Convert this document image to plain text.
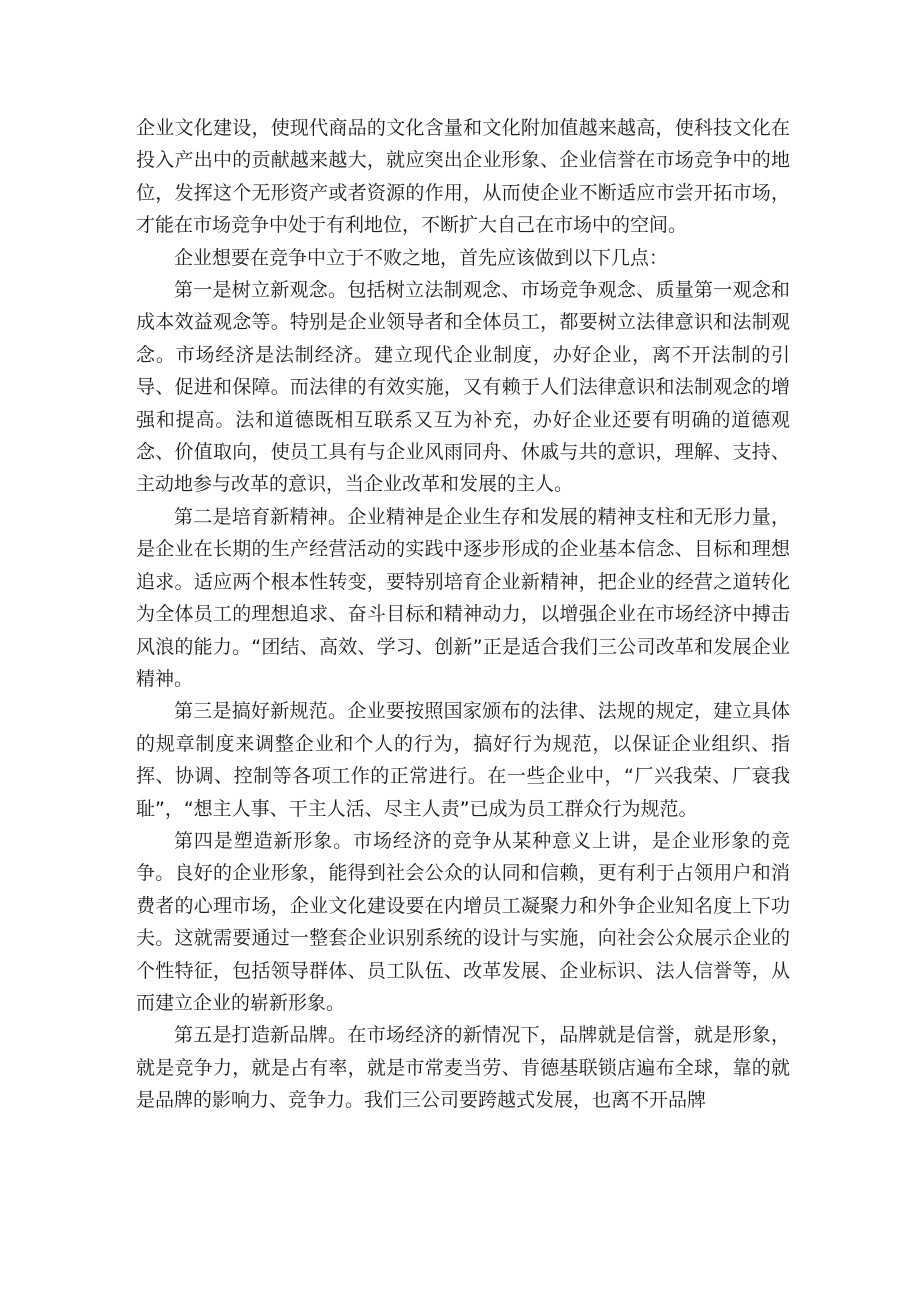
企业文化建设，使现代商品的文化含量和文化附加值越来越高，使科技文化在投入产出中的贡献越来越大，就应突出企业形象、企业信誉在市场竞争中的地位，发挥这个无形资产或者资源的作用，从而使企业不断适应市尝开拓市场，才能在市场竞争中处于有利地位，不断扩大自己在市场中的空间。

企业想要在竞争中立于不败之地，首先应该做到以下几点：

第一是树立新观念。包括树立法制观念、市场竞争观念、质量第一观念和成本效益观念等。特别是企业领导者和全体员工，都要树立法律意识和法制观念。市场经济是法制经济。建立现代企业制度，办好企业，离不开法制的引导、促进和保障。而法律的有效实施，又有赖于人们法律意识和法制观念的增强和提高。法和道德既相互联系又互为补充，办好企业还要有明确的道德观念、价值取向，使员工具有与企业风雨同舟、休戚与共的意识，理解、支持、主动地参与改革的意识，当企业改革和发展的主人。

第二是培育新精神。企业精神是企业生存和发展的精神支柱和无形力量，是企业在长期的生产经营活动的实践中逐步形成的企业基本信念、目标和理想追求。适应两个根本性转变，要特别培育企业新精神，把企业的经营之道转化为全体员工的理想追求、奋斗目标和精神动力，以增强企业在市场经济中搏击风浪的能力。“团结、高效、学习、创新”正是适合我们三公司改革和发展企业精神。

第三是搞好新规范。企业要按照国家颁布的法律、法规的规定，建立具体的规章制度来调整企业和个人的行为，搞好行为规范，以保证企业组织、指挥、协调、控制等各项工作的正常进行。在一些企业中，“厂兴我荣、厂衰我耻”，“想主人事、干主人活、尽主人责”已成为员工群众行为规范。

第四是塑造新形象。市场经济的竞争从某种意义上讲，是企业形象的竞争。良好的企业形象，能得到社会公众的认同和信赖，更有利于占领用户和消费者的心理市场，企业文化建设要在内增员工凝聚力和外争企业知名度上下功夫。这就需要通过一整套企业识别系统的设计与实施，向社会公众展示企业的个性特征，包括领导群体、员工队伍、改革发展、企业标识、法人信誉等，从而建立企业的崭新形象。

第五是打造新品牌。在市场经济的新情况下，品牌就是信誉，就是形象，就是竞争力，就是占有率，就是市常麦当劳、肯德基联锁店遍布全球，靠的就是品牌的影响力、竞争力。我们三公司要跨越式发展，也离不开品牌
